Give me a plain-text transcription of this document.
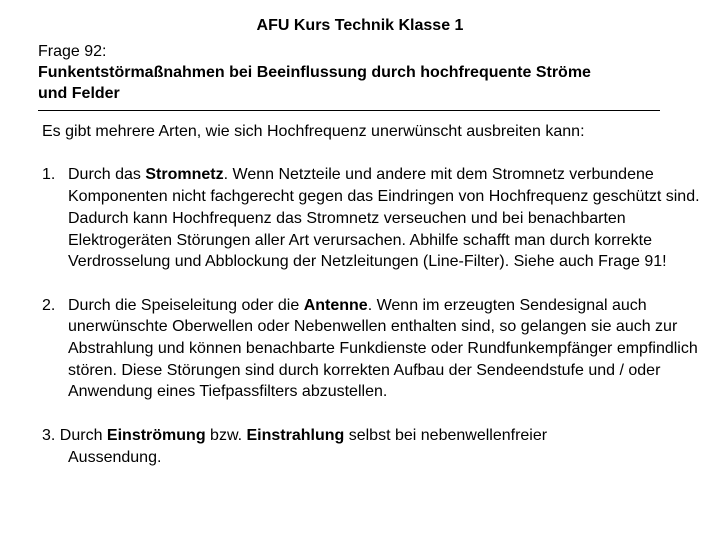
AFU Kurs Technik Klasse 1
Frage 92:
Funkentstörmaßnahmen bei Beeinflussung durch hochfrequente Ströme
und Felder
Es gibt mehrere Arten, wie sich Hochfrequenz unerwünscht ausbreiten kann:
1. Durch das Stromnetz. Wenn Netzteile und andere mit dem Stromnetz verbundene Komponenten nicht fachgerecht gegen das Eindringen von Hochfrequenz geschützt sind. Dadurch kann Hochfrequenz das Stromnetz verseuchen und bei benachbarten Elektrogeräten Störungen aller Art verursachen. Abhilfe schafft man durch korrekte Verdrosselung und Abblockung der Netzleitungen (Line-Filter). Siehe auch Frage 91!
2. Durch die Speiseleitung oder die Antenne. Wenn im erzeugten Sendesignal auch unerwünschte Oberwellen oder Nebenwellen enthalten sind, so gelangen sie auch zur Abstrahlung und können benachbarte Funkdienste oder Rundfunkempfänger empfindlich stören. Diese Störungen sind durch korrekten Aufbau der Sendeendstufe und / oder Anwendung eines Tiefpassfilters abzustellen.
3. Durch Einströmung bzw. Einstrahlung selbst bei nebenwellenfreier
Aussendung.
